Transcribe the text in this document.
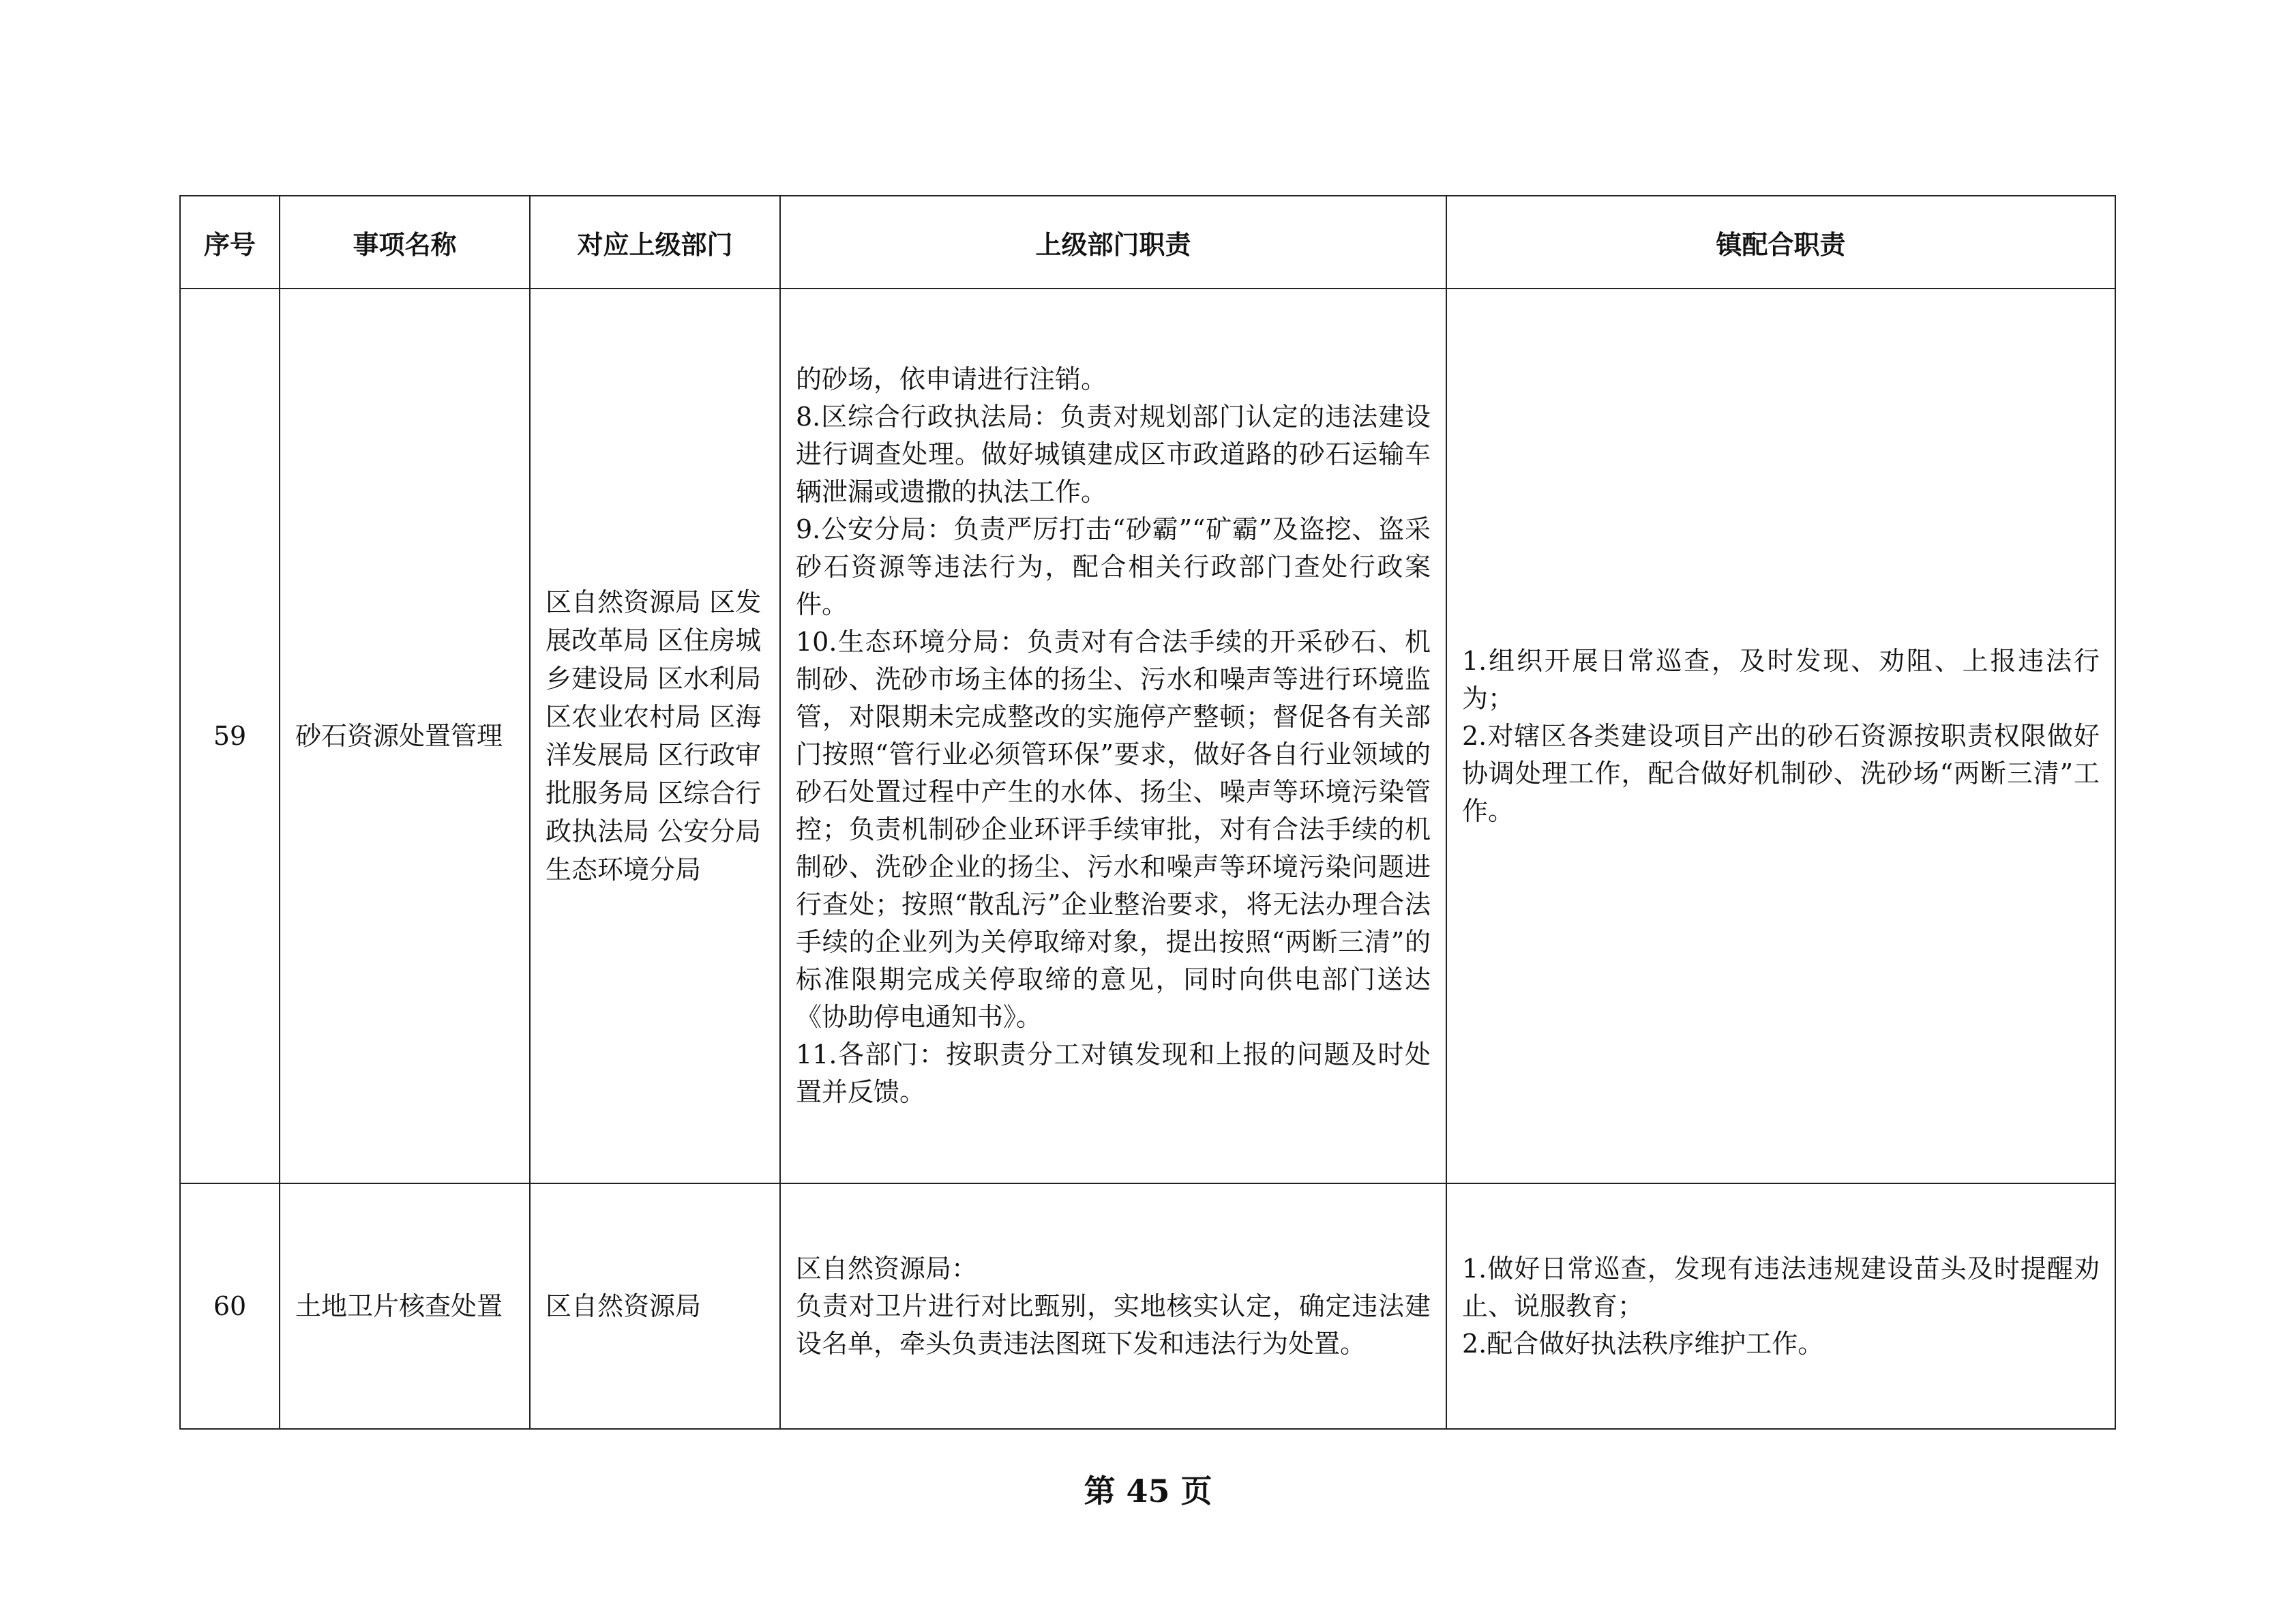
序号	事项名称	对应上级部门	上级部门职责	镇配合职责
59	砂石资源处置管理	区自然资源局 区发展改革局 区住房城乡建设局 区水利局 区农业农村局 区海洋发展局 区行政审批服务局 区综合行政执法局 公安分局 生态环境分局	的砂场，依申请进行注销。
8.区综合行政执法局：负责对规划部门认定的违法建设进行调查处理。做好城镇建成区市政道路的砂石运输车辆泄漏或遗撒的执法工作。
9.公安分局：负责严厉打击“砂霸”“矿霸”及盗挖、盗采砂石资源等违法行为，配合相关行政部门查处行政案件。
10.生态环境分局：负责对有合法手续的开采砂石、机制砂、洗砂市场主体的扬尘、污水和噪声等进行环境监管，对限期未完成整改的实施停产整顿；督促各有关部门按照“管行业必须管环保”要求，做好各自行业领域的砂石处置过程中产生的水体、扬尘、噪声等环境污染管控；负责机制砂企业环评手续审批，对有合法手续的机制砂、洗砂企业的扬尘、污水和噪声等环境污染问题进行查处；按照“散乱污”企业整治要求，将无法办理合法手续的企业列为关停取缔对象，提出按照“两断三清”的标准限期完成关停取缔的意见，同时向供电部门送达《协助停电通知书》。
11.各部门：按职责分工对镇发现和上报的问题及时处置并反馈。	1.组织开展日常巡查，及时发现、劝阻、上报违法行为；
2.对辖区各类建设项目产出的砂石资源按职责权限做好协调处理工作，配合做好机制砂、洗砂场“两断三清”工作。

60	土地卫片核查处置	区自然资源局	区自然资源局：
负责对卫片进行对比甄别，实地核实认定，确定违法建设名单，牵头负责违法图斑下发和违法行为处置。	1.做好日常巡查，发现有违法违规建设苗头及时提醒劝止、说服教育；
2.配合做好执法秩序维护工作。
第 45 页
